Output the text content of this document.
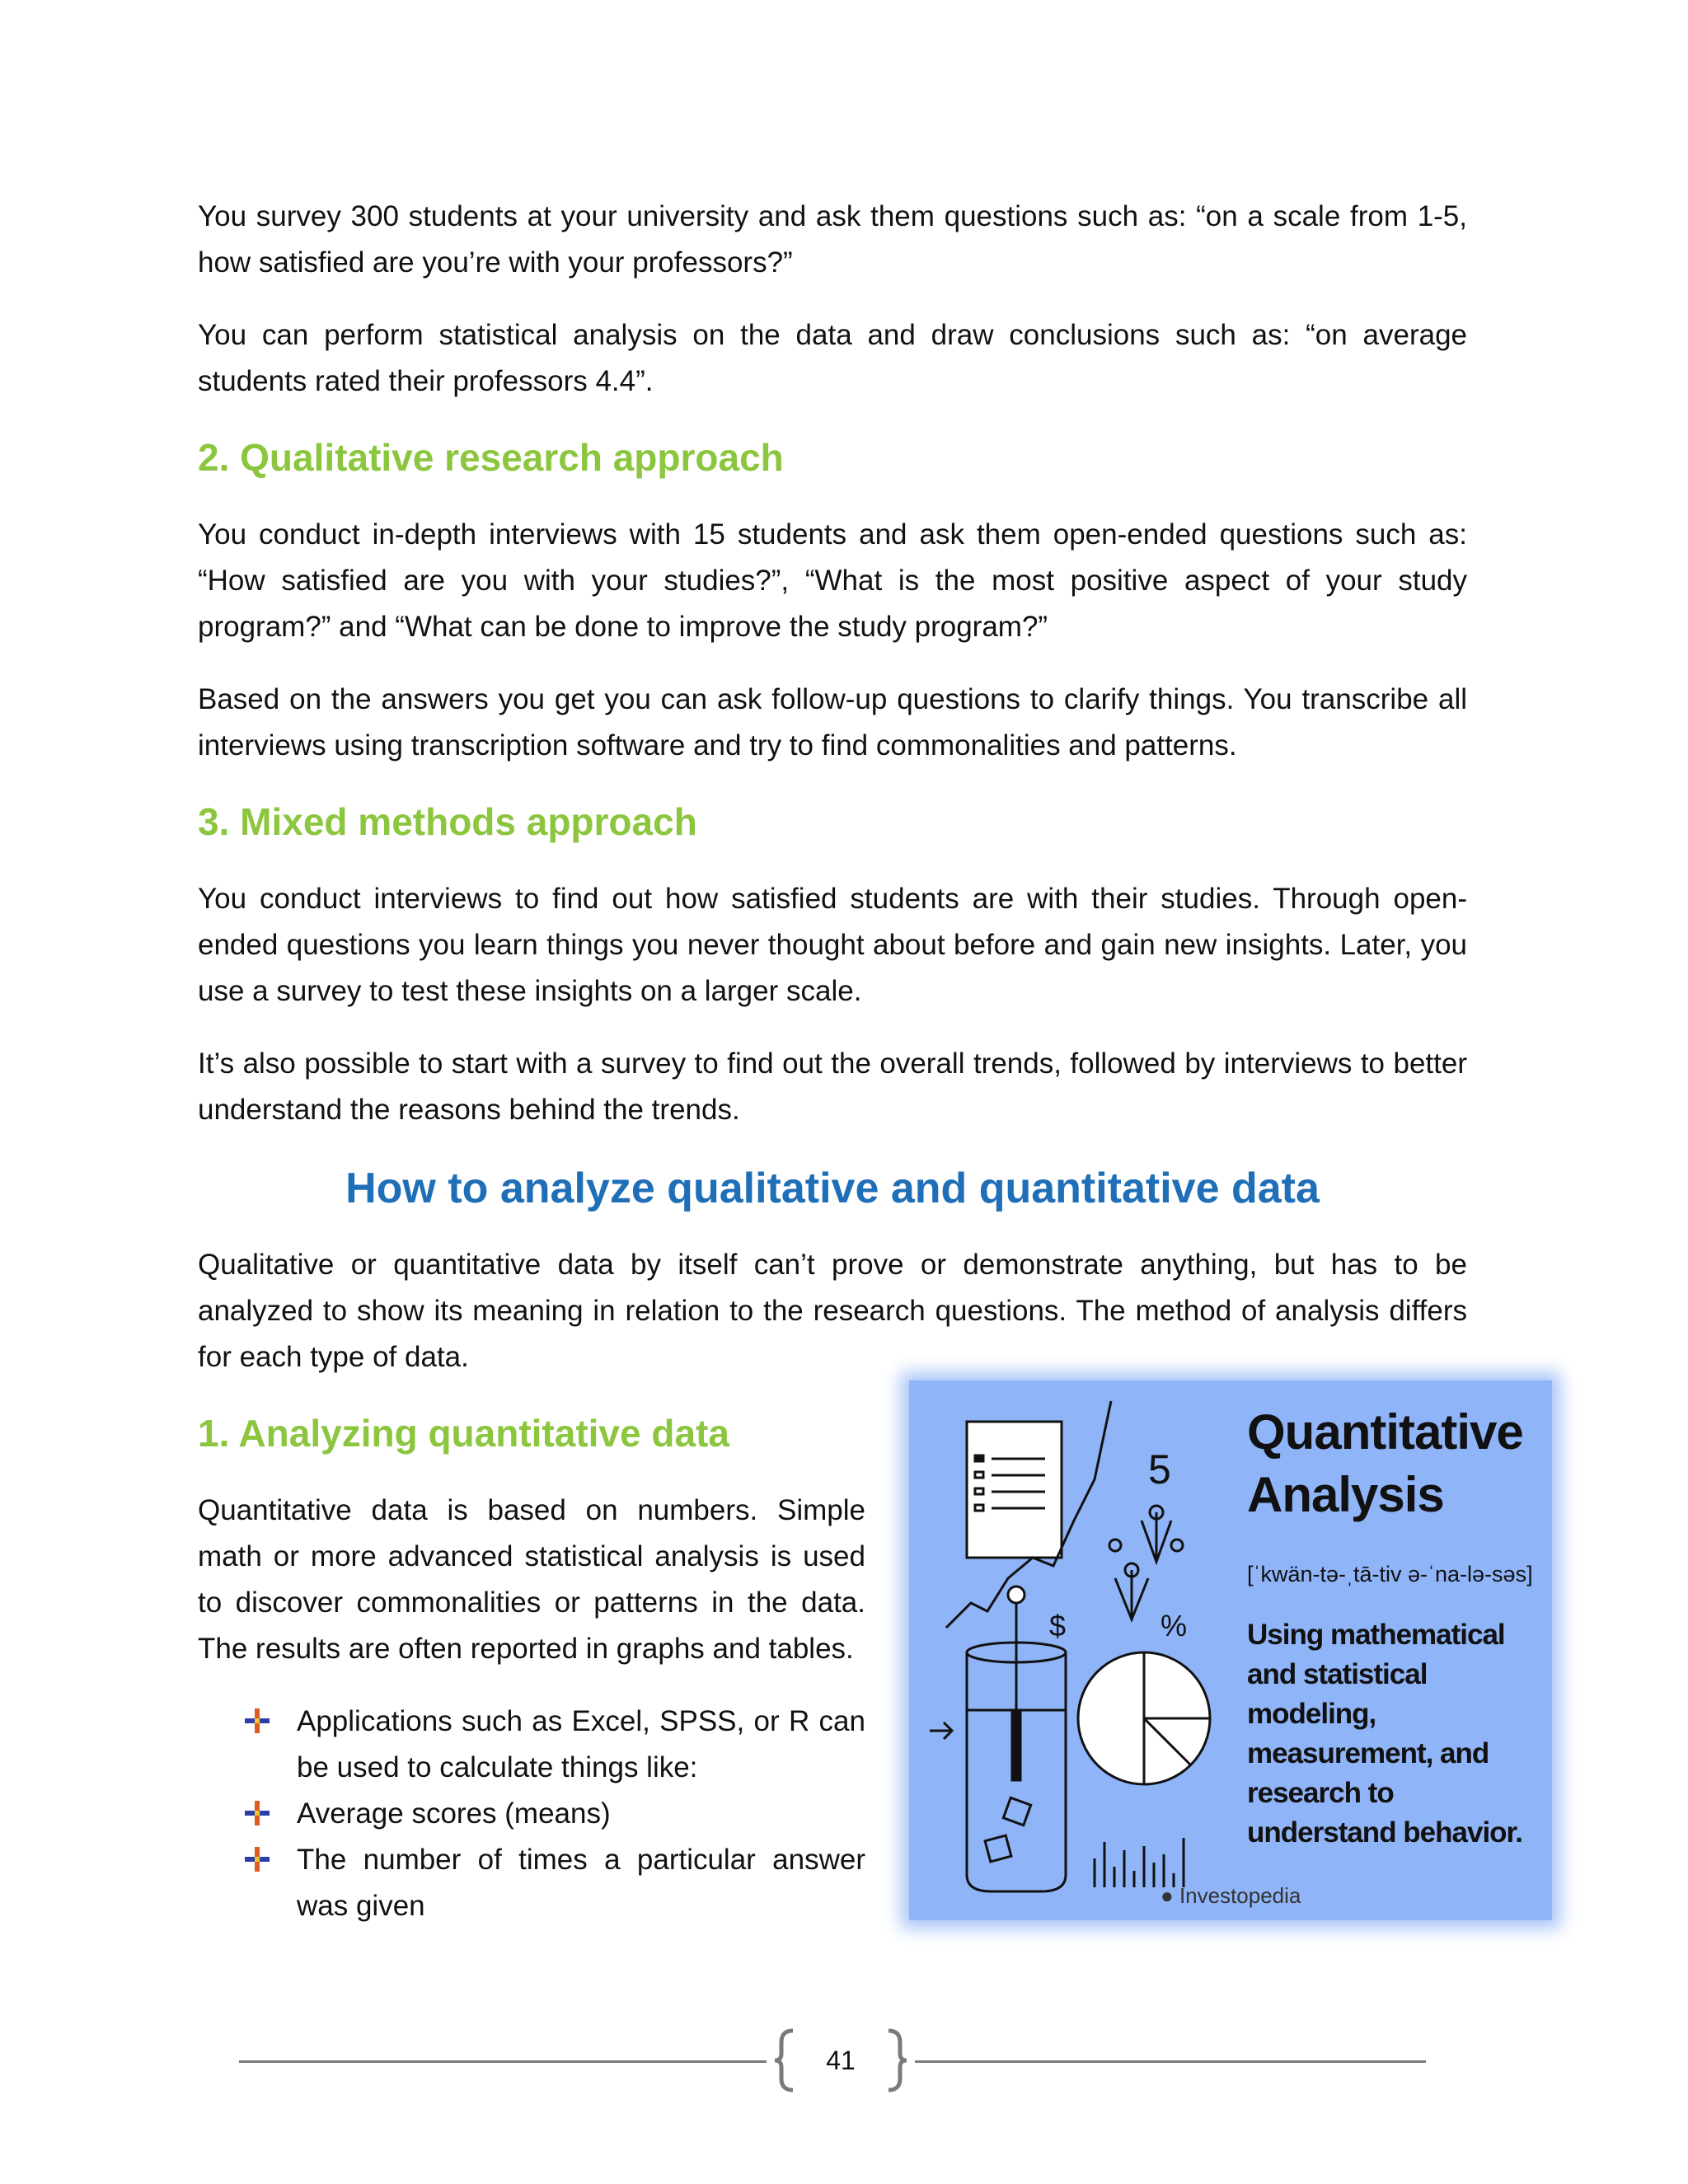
You survey 300 students at your university and ask them questions such as: “on a scale from 1-5, how satisfied are you’re with your professors?”

You can perform statistical analysis on the data and draw conclusions such as: “on average students rated their professors 4.4”.

2. Qualitative research approach

You conduct in-depth interviews with 15 students and ask them open-ended questions such as: “How satisfied are you with your studies?”, “What is the most positive aspect of your study program?” and “What can be done to improve the study program?”

Based on the answers you get you can ask follow-up questions to clarify things. You transcribe all interviews using transcription software and try to find commonalities and patterns.

3. Mixed methods approach

You conduct interviews to find out how satisfied students are with their studies. Through open-ended questions you learn things you never thought about before and gain new insights. Later, you use a survey to test these insights on a larger scale.

It’s also possible to start with a survey to find out the overall trends, followed by interviews to better understand the reasons behind the trends.

How to analyze qualitative and quantitative data

Qualitative or quantitative data by itself can’t prove or demonstrate anything, but has to be analyzed to show its meaning in relation to the research questions. The method of analysis differs for each type of data.

1. Analyzing quantitative data

Quantitative data is based on numbers. Simple math or more advanced statistical analysis is used to discover commonalities or patterns in the data. The results are often reported in graphs and tables.

Applications such as Excel, SPSS, or R can be used to calculate things like:
Average scores (means)
The number of times a particular answer was given
5
$	%
Quantitative
Analysis
[ˈkwän-tə-ˌtā-tiv ə-ˈna-lə-səs]
Using mathematical and statistical modeling, measurement, and research to understand behavior.
● Investopedia
41
